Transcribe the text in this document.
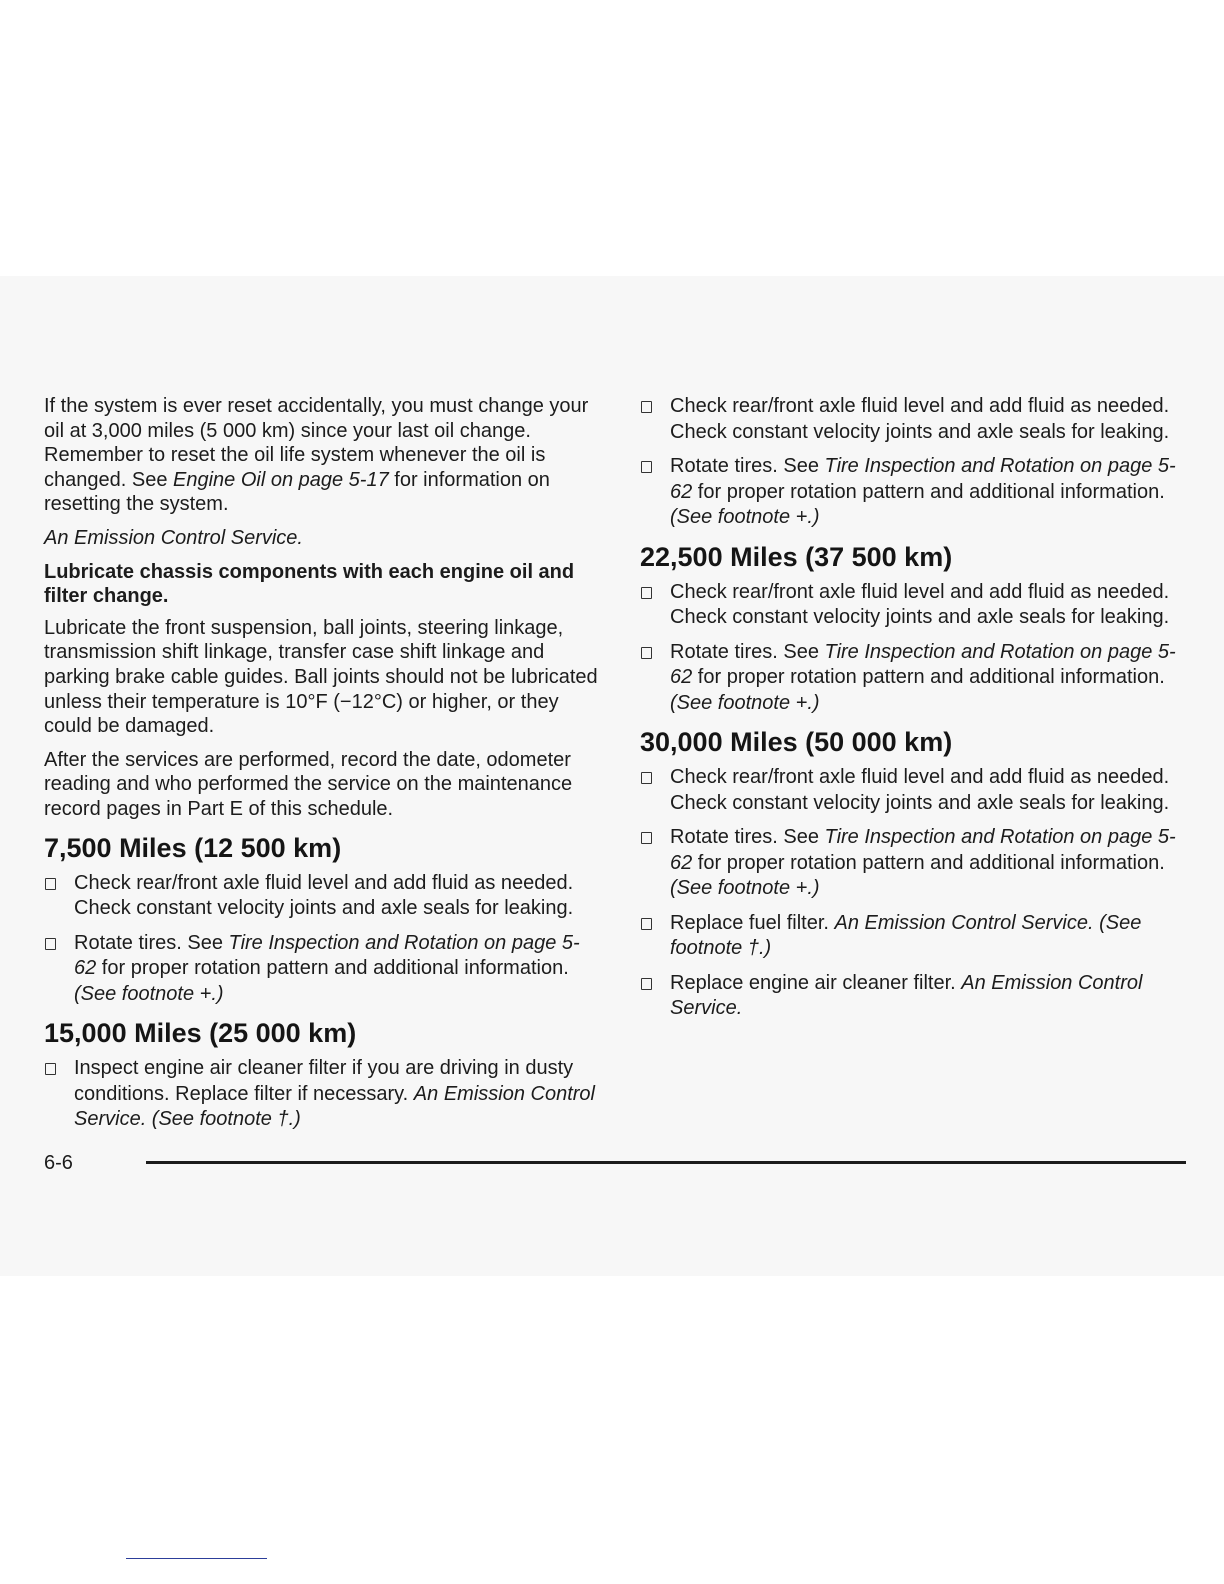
If the system is ever reset accidentally, you must change your oil at 3,000 miles (5 000 km) since your last oil change. Remember to reset the oil life system whenever the oil is changed. See Engine Oil on page 5-17 for information on resetting the system.

An Emission Control Service.

Lubricate chassis components with each engine oil and filter change.

Lubricate the front suspension, ball joints, steering linkage, transmission shift linkage, transfer case shift linkage and parking brake cable guides. Ball joints should not be lubricated unless their temperature is 10°F (−12°C) or higher, or they could be damaged.

After the services are performed, record the date, odometer reading and who performed the service on the maintenance record pages in Part E of this schedule.

7,500 Miles (12 500 km)
Check rear/front axle fluid level and add fluid as needed. Check constant velocity joints and axle seals for leaking.
Rotate tires. See Tire Inspection and Rotation on page 5-62 for proper rotation pattern and additional information. (See footnote +.)
15,000 Miles (25 000 km)
Inspect engine air cleaner filter if you are driving in dusty conditions. Replace filter if necessary. An Emission Control Service. (See footnote †.)
Check rear/front axle fluid level and add fluid as needed. Check constant velocity joints and axle seals for leaking.
Rotate tires. See Tire Inspection and Rotation on page 5-62 for proper rotation pattern and additional information. (See footnote +.)
22,500 Miles (37 500 km)
Check rear/front axle fluid level and add fluid as needed. Check constant velocity joints and axle seals for leaking.
Rotate tires. See Tire Inspection and Rotation on page 5-62 for proper rotation pattern and additional information. (See footnote +.)
30,000 Miles (50 000 km)
Check rear/front axle fluid level and add fluid as needed. Check constant velocity joints and axle seals for leaking.
Rotate tires. See Tire Inspection and Rotation on page 5-62 for proper rotation pattern and additional information. (See footnote +.)
Replace fuel filter. An Emission Control Service. (See footnote †.)
Replace engine air cleaner filter. An Emission Control Service.
6-6
